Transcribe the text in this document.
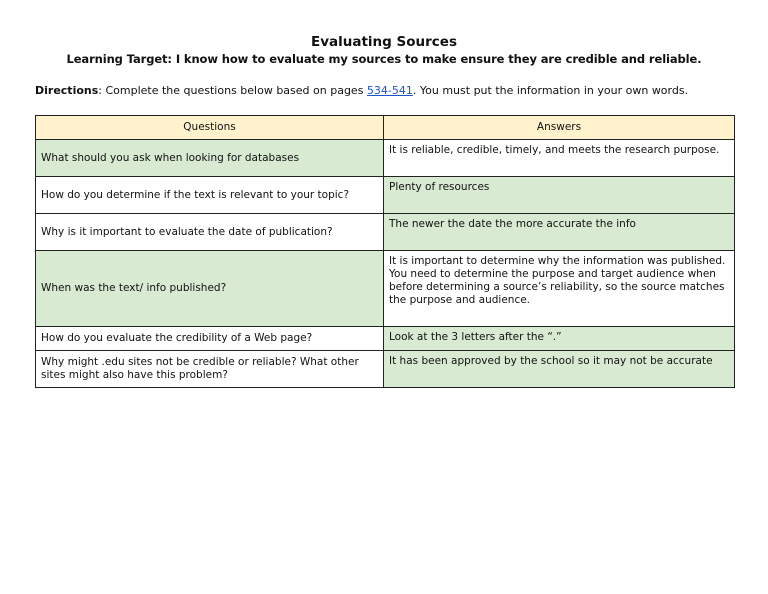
Evaluating Sources
Learning Target: I know how to evaluate my sources to make ensure they are credible and reliable.
Directions: Complete the questions below based on pages 534-541. You must put the information in your own words.
Questions	Answers
What should you ask when looking for databases	It is reliable, credible, timely, and meets the research purpose.
How do you determine if the text is relevant to your topic?	Plenty of resources
Why is it important to evaluate the date of publication?	The newer the date the more accurate the info
When was the text/ info published?	It is important to determine why the information was published. You need to determine the purpose and target audience when before determining a source’s reliability, so the source matches the purpose and audience.
How do you evaluate the credibility of a Web page?	Look at the 3 letters after the “.”
Why might .edu sites not be credible or reliable? What other sites might also have this problem?	It has been approved by the school so it may not be accurate
